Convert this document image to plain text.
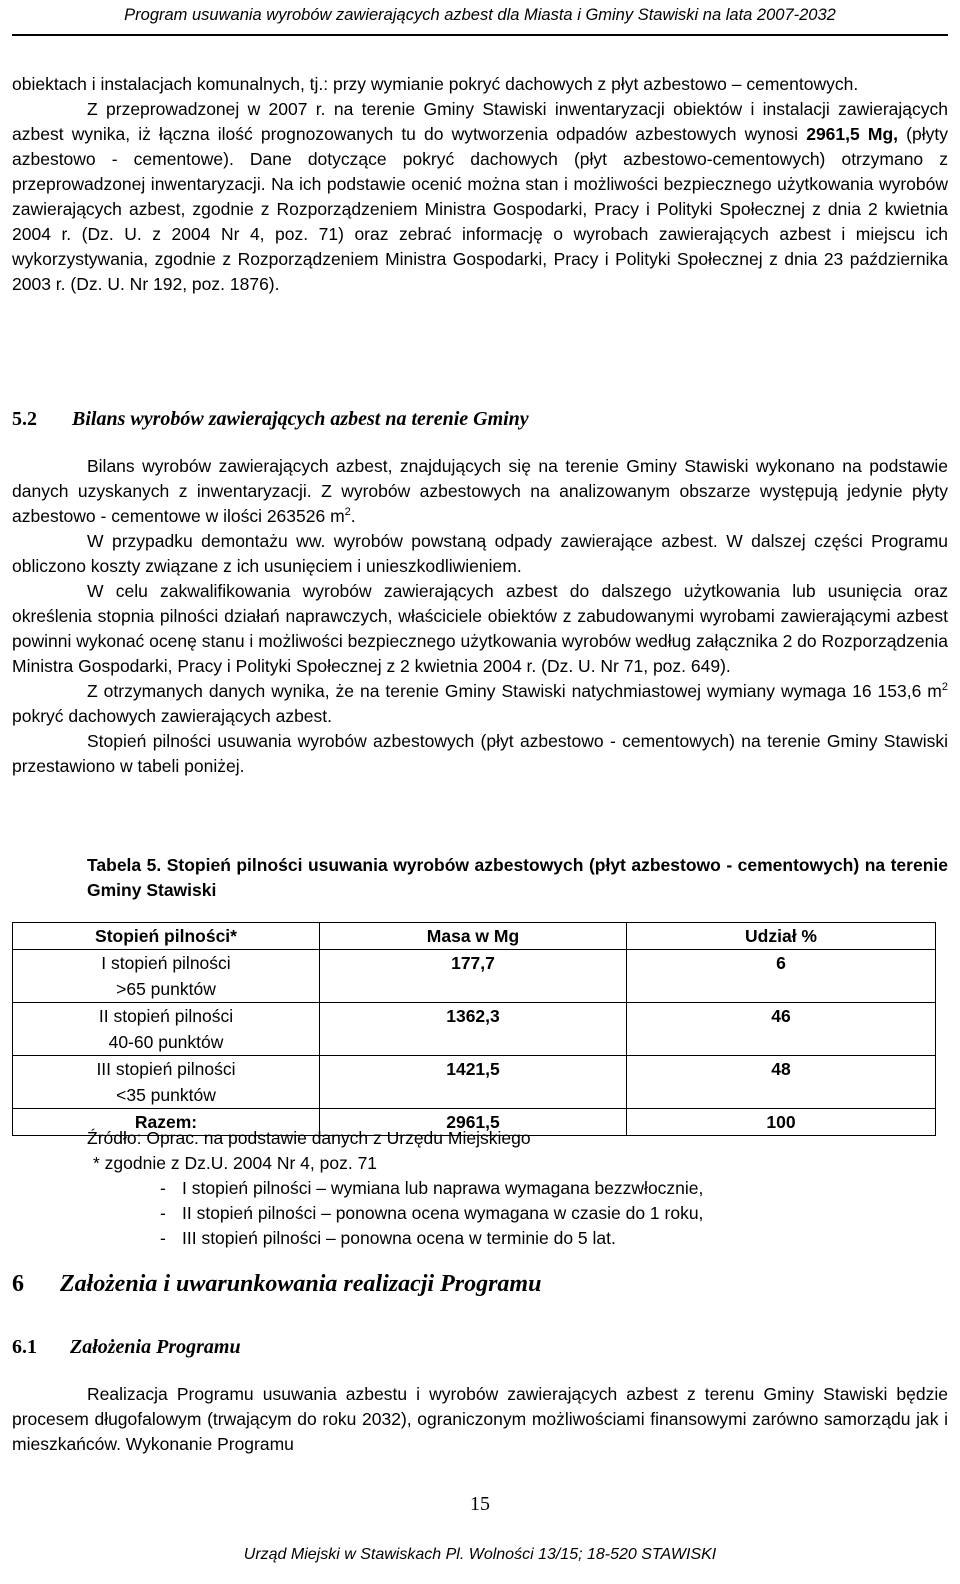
Program usuwania wyrobów zawierających azbest dla Miasta i Gminy Stawiski na lata 2007-2032

obiektach i instalacjach komunalnych, tj.: przy wymianie pokryć dachowych z płyt azbestowo – cementowych.

Z przeprowadzonej w 2007 r. na terenie Gminy Stawiski inwentaryzacji obiektów i instalacji zawierających azbest wynika, iż łączna ilość prognozowanych tu do wytworzenia odpadów azbestowych wynosi 2961,5 Mg, (płyty azbestowo - cementowe). Dane dotyczące pokryć dachowych (płyt azbestowo-cementowych) otrzymano z przeprowadzonej inwentaryzacji. Na ich podstawie ocenić można stan i możliwości bezpiecznego użytkowania wyrobów zawierających azbest, zgodnie z Rozporządzeniem Ministra Gospodarki, Pracy i Polityki Społecznej z dnia 2 kwietnia 2004 r. (Dz. U. z 2004 Nr 4, poz. 71) oraz zebrać informację o wyrobach zawierających azbest i miejscu ich wykorzystywania, zgodnie z Rozporządzeniem Ministra Gospodarki, Pracy i Polityki Społecznej z dnia 23 października 2003 r. (Dz. U. Nr 192, poz. 1876).

5.2 Bilans wyrobów zawierających azbest na terenie Gminy

Bilans wyrobów zawierających azbest, znajdujących się na terenie Gminy Stawiski wykonano na podstawie danych uzyskanych z inwentaryzacji. Z wyrobów azbestowych na analizowanym obszarze występują jedynie płyty azbestowo - cementowe w ilości 263526 $m^2$.

W przypadku demontażu ww. wyrobów powstaną odpady zawierające azbest. W dalszej części Programu obliczono koszty związane z ich usunięciem i unieszkodliwieniem.

W celu zakwalifikowania wyrobów zawierających azbest do dalszego użytkowania lub usunięcia oraz określenia stopnia pilności działań naprawczych, właściciele obiektów z zabudowanymi wyrobami zawierającymi azbest powinni wykonać ocenę stanu i możliwości bezpiecznego użytkowania wyrobów według załącznika 2 do Rozporządzenia Ministra Gospodarki, Pracy i Polityki Społecznej z 2 kwietnia 2004 r. (Dz. U. Nr 71, poz. 649).

Z otrzymanych danych wynika, że na terenie Gminy Stawiski natychmiastowej wymiany wymaga 16 153,6 $m^2$ pokryć dachowych zawierających azbest.

Stopień pilności usuwania wyrobów azbestowych (płyt azbestowo - cementowych) na terenie Gminy Stawiski przestawiono w tabeli poniżej.

Tabela 5. Stopień pilności usuwania wyrobów azbestowych (płyt azbestowo - cementowych) na terenie Gminy Stawiski
Stopień pilności*	Masa w Mg	Udział %

I stopień pilności
>65 punktów	177,7	6

II stopień pilności
40-60 punktów	1362,3	46

III stopień pilności
<35 punktów	1421,5	48
Razem:	2961,5	100
Źródło: Oprac. na podstawie danych z Urzędu Miejskiego
* zgodnie z Dz.U. 2004 Nr 4, poz. 71
- I stopień pilności – wymiana lub naprawa wymagana bezzwłocznie,
- II stopień pilności – ponowna ocena wymagana w czasie do 1 roku,
- III stopień pilności – ponowna ocena w terminie do 5 lat.
6 Założenia i uwarunkowania realizacji Programu
6.1 Założenia Programu

Realizacja Programu usuwania azbestu i wyrobów zawierających azbest z terenu Gminy Stawiski będzie procesem długofalowym (trwającym do roku 2032), ograniczonym możliwościami finansowymi zarówno samorządu jak i mieszkańców. Wykonanie Programu

15
Urząd Miejski w Stawiskach Pl. Wolności 13/15; 18-520 STAWISKI
